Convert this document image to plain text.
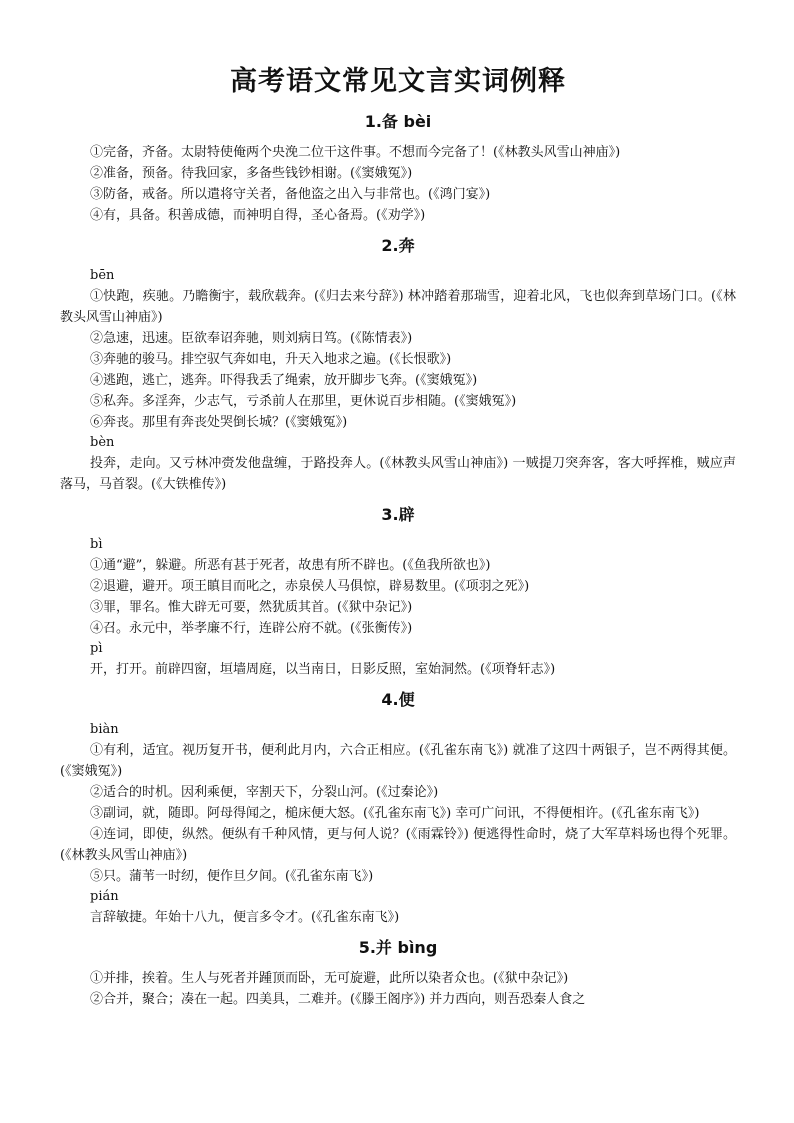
高考语文常见文言实词例释
1.备 bèi

①完备，齐备。太尉特使俺两个央浼二位干这件事。不想而今完备了！(《林教头风雪山神庙》)

②准备，预备。待我回家，多备些钱钞相谢。(《窦娥冤》)

③防备，戒备。所以遣将守关者，备他盗之出入与非常也。(《鸿门宴》)

④有，具备。积善成德，而神明自得，圣心备焉。(《劝学》)

2.奔
bēn

①快跑，疾驰。乃瞻衡宇，载欣载奔。(《归去来兮辞》) 林冲踏着那瑞雪，迎着北风，飞也似奔到草场门口。(《林教头风雪山神庙》)

②急速，迅速。臣欲奉诏奔驰，则刘病日笃。(《陈情表》)

③奔驰的骏马。排空驭气奔如电，升天入地求之遍。(《长恨歌》)

④逃跑，逃亡，逃奔。吓得我丢了绳索，放开脚步飞奔。(《窦娥冤》)

⑤私奔。多淫奔，少志气，亏杀前人在那里，更休说百步相随。(《窦娥冤》)

⑥奔丧。那里有奔丧处哭倒长城？(《窦娥冤》)

bèn

投奔，走向。又亏林冲赍发他盘缠，于路投奔人。(《林教头风雪山神庙》) 一贼提刀突奔客，客大呼挥椎，贼应声落马，马首裂。(《大铁椎传》)

3.辟
bì

①通“避”，躲避。所恶有甚于死者，故患有所不辟也。(《鱼我所欲也》)

②退避，避开。项王瞋目而叱之，赤泉侯人马俱惊，辟易数里。(《项羽之死》)

③罪，罪名。惟大辟无可要，然犹质其首。(《狱中杂记》)

④召。永元中，举孝廉不行，连辟公府不就。(《张衡传》)

pì

开，打开。前辟四窗，垣墙周庭，以当南日，日影反照，室始洞然。(《项脊轩志》)

4.便
biàn

①有利，适宜。视历复开书，便利此月内，六合正相应。(《孔雀东南飞》) 就准了这四十两银子，岂不两得其便。(《窦娥冤》)

②适合的时机。因利乘便，宰割天下，分裂山河。(《过秦论》)

③副词，就，随即。阿母得闻之，槌床便大怒。(《孔雀东南飞》) 幸可广问讯，不得便相许。(《孔雀东南飞》)

④连词，即使，纵然。便纵有千种风情，更与何人说？(《雨霖铃》) 便逃得性命时，烧了大军草料场也得个死罪。(《林教头风雪山神庙》)

⑤只。蒲苇一时纫，便作旦夕间。(《孔雀东南飞》)

pián

言辞敏捷。年始十八九，便言多令才。(《孔雀东南飞》)

5.并 bìng

①并排，挨着。生人与死者并踵顶而卧，无可旋避，此所以染者众也。(《狱中杂记》)

②合并，聚合；凑在一起。四美具，二难并。(《滕王阁序》) 并力西向，则吾恐秦人食之
